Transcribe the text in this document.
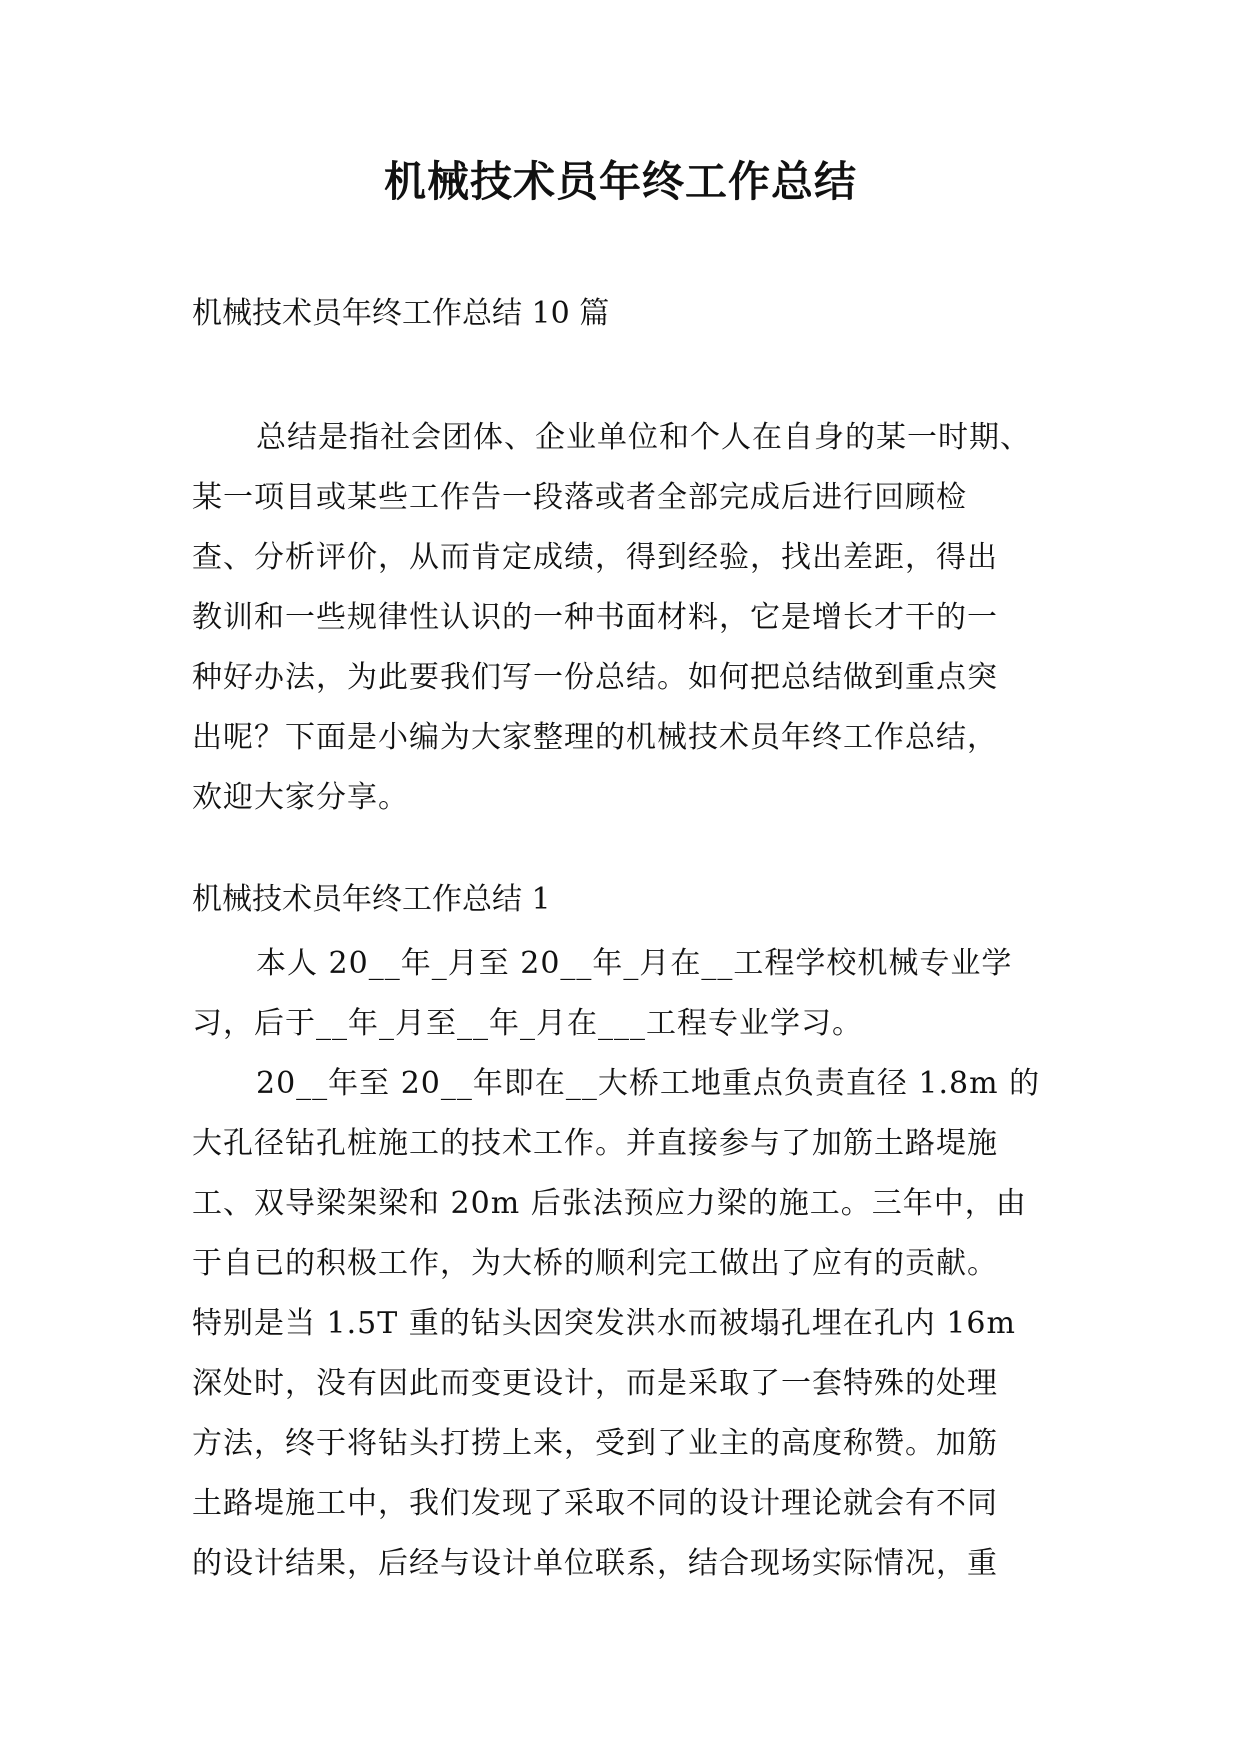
机械技术员年终工作总结
机械技术员年终工作总结 10 篇
总结是指社会团体、企业单位和个人在自身的某一时期、
某一项目或某些工作告一段落或者全部完成后进行回顾检
查、分析评价，从而肯定成绩，得到经验，找出差距，得出
教训和一些规律性认识的一种书面材料，它是增长才干的一
种好办法，为此要我们写一份总结。如何把总结做到重点突
出呢？下面是小编为大家整理的机械技术员年终工作总结，
欢迎大家分享。
机械技术员年终工作总结 1
本人 20__年_月至 20__年_月在__工程学校机械专业学
习，后于__年_月至__年_月在___工程专业学习。
20__年至 20__年即在__大桥工地重点负责直径 1.8m 的
大孔径钻孔桩施工的技术工作。并直接参与了加筋土路堤施
工、双导梁架梁和 20m 后张法预应力梁的施工。三年中，由
于自已的积极工作，为大桥的顺利完工做出了应有的贡献。
特别是当 1.5T 重的钻头因突发洪水而被塌孔埋在孔内 16m
深处时，没有因此而变更设计，而是采取了一套特殊的处理
方法，终于将钻头打捞上来，受到了业主的高度称赞。加筋
土路堤施工中，我们发现了采取不同的设计理论就会有不同
的设计结果，后经与设计单位联系，结合现场实际情况，重
